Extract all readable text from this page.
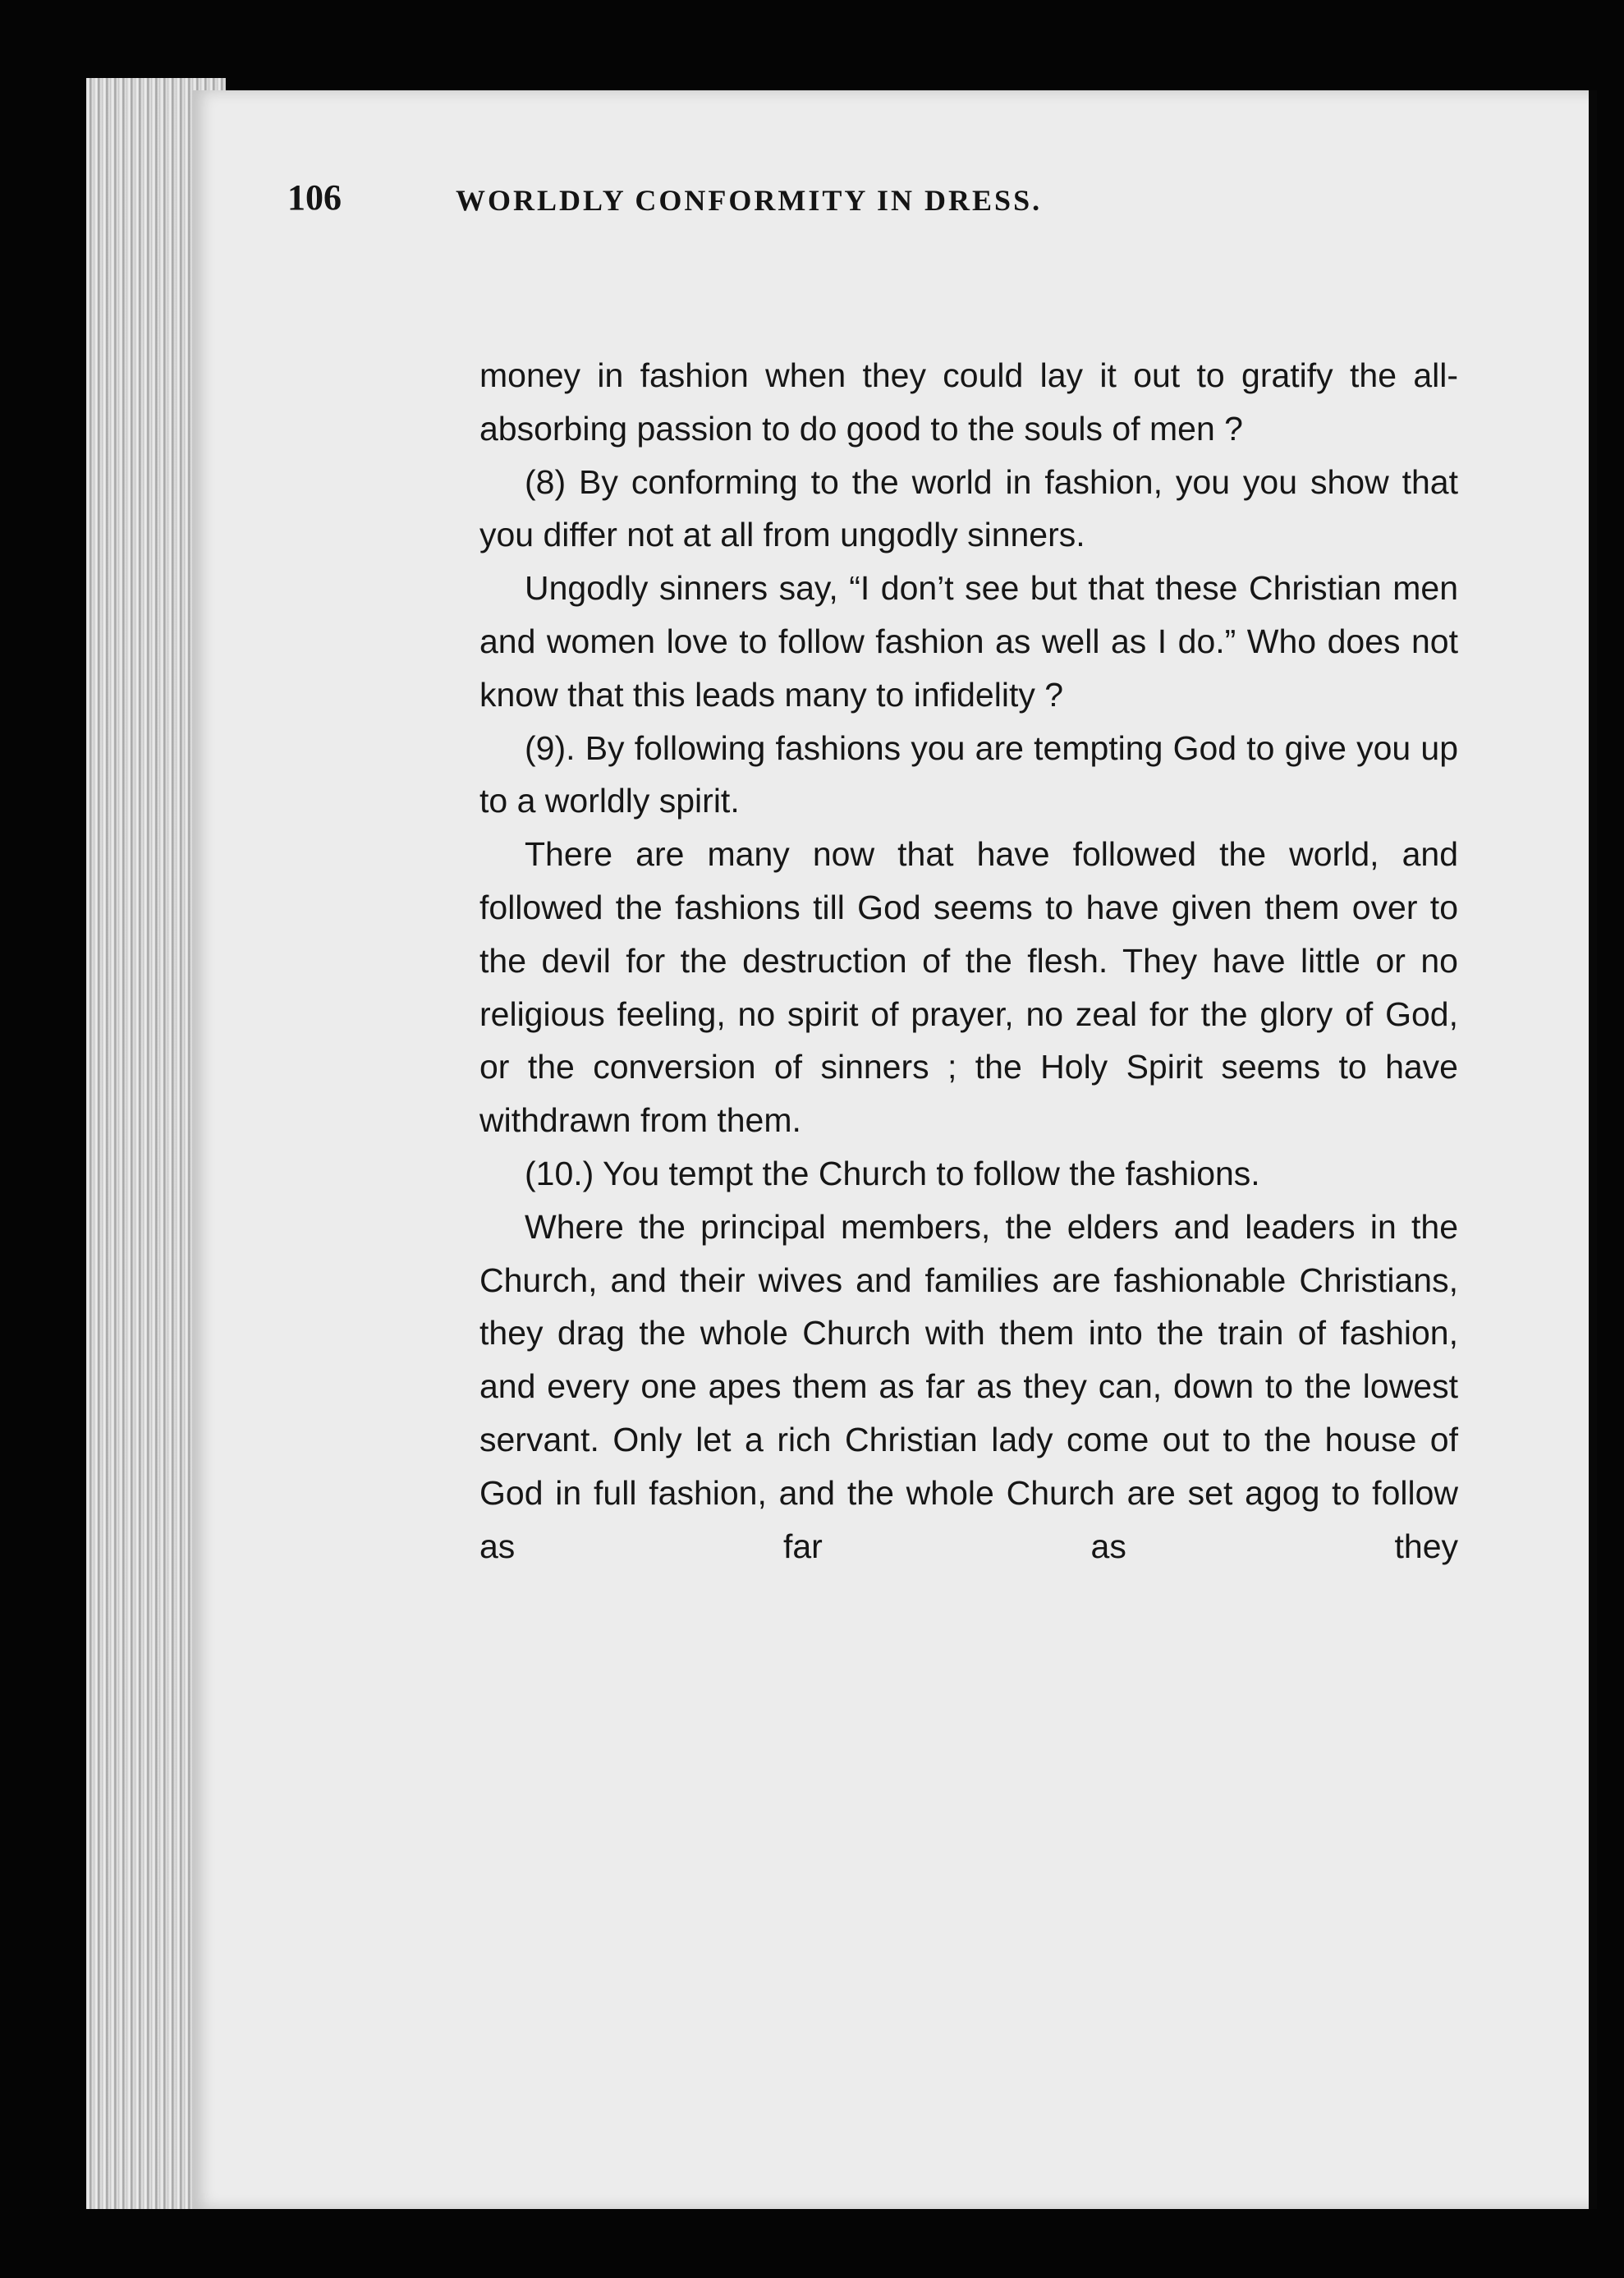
106	WORLDLY CONFORMITY IN DRESS.

money in fashion when they could lay it out to gratify the all-absorbing passion to do good to the souls of men ?

(8) By conforming to the world in fashion, you you show that you differ not at all from ungodly sinners.

Ungodly sinners say, “I don’t see but that these Christian men and women love to follow fashion as well as I do.” Who does not know that this leads many to infidelity ?

(9). By following fashions you are tempting God to give you up to a worldly spirit.

There are many now that have followed the world, and followed the fashions till God seems to have given them over to the devil for the destruction of the flesh. They have little or no religious feeling, no spirit of prayer, no zeal for the glory of God, or the conversion of sinners ; the Holy Spirit seems to have withdrawn from them.

(10.) You tempt the Church to follow the fashions.

Where the principal members, the elders and leaders in the Church, and their wives and families are fashionable Christians, they drag the whole Church with them into the train of fashion, and every one apes them as far as they can, down to the lowest servant. Only let a rich Christian lady come out to the house of God in full fashion, and the whole Church are set agog to follow as far as they
